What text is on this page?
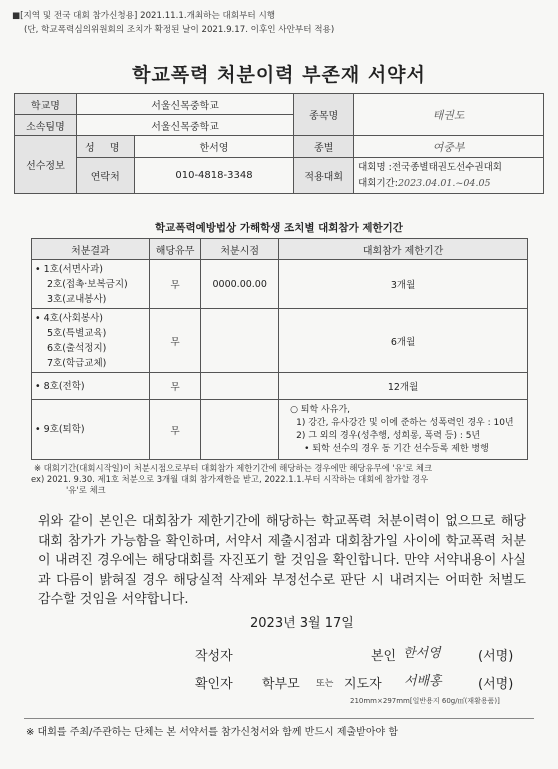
■[지역 및 전국 대회 참가신청용] 2021.11.1.개최하는 대회부터 시행
(단, 학교폭력심의위원회의 조치가 확정된 날이 2021.9.17. 이후인 사안부터 적용)
학교폭력 처분이력 부존재 서약서
학교명	서울신목중학교		종목명	태권도
소속팀명	서울신목중학교			
선수정보	성 명	한서영	종별	여중부
	연락처	010-4818-3348	적용대회	대회명 :전국종별태권도선수권대회
대회기간:2023.04.01.~04.05
학교폭력예방법상 가해학생 조치별 대회참가 제한기간
처분결과	해당유무	처분시점	대회참가 제한기간

• 1호(서면사과)
2호(접촉·보복금지)
3호(교내봉사)	무	0000.00.00	3개월

• 4호(사회봉사)
5호(특별교육)
6호(출석정지)
7호(학급교체)	무		6개월

• 8호(전학)	무		12개월

• 9호(퇴학)	무		○ 퇴학 사유가,
1) 강간, 유사강간 및 이에 준하는 성폭력인 경우 : 10년
2) 그 외의 경우(성추행, 성희롱, 폭력 등) : 5년
• 퇴학 선수의 경우 동 기간 선수등록 제한 병행
※ 대회기간(대회시작일)이 처분시점으로부터 대회참가 제한기간에 해당하는 경우에만 해당유무에 '유'로 체크
ex) 2021. 9.30. 제1호 처분으로 3개월 대회 참가제한을 받고, 2022.1.1.부터 시작하는 대회에 참가할 경우
'유'로 체크
위와 같이 본인은 대회참가 제한기간에 해당하는 학교폭력 처분이력이 없으므로 해당 대회 참가가 가능함을 확인하며, 서약서 제출시점과 대회참가일 사이에 학교폭력 처분이 내려진 경우에는 해당대회를 자진포기 할 것임을 확인합니다. 만약 서약내용이 사실과 다름이 밝혀질 경우 해당실적 삭제와 부정선수로 판단 시 내려지는 어떠한 처벌도 감수할 것임을 서약합니다.
2023년 3월 17일
작성자	본인 한서영	(서명)
확인자 학부모 또는 지도자 서배홍	(서명)
210mm×297mm[일반용지 60g/㎡(재활용품)]
※ 대회를 주최/주관하는 단체는 본 서약서를 참가신청서와 함께 반드시 제출받아야 함
